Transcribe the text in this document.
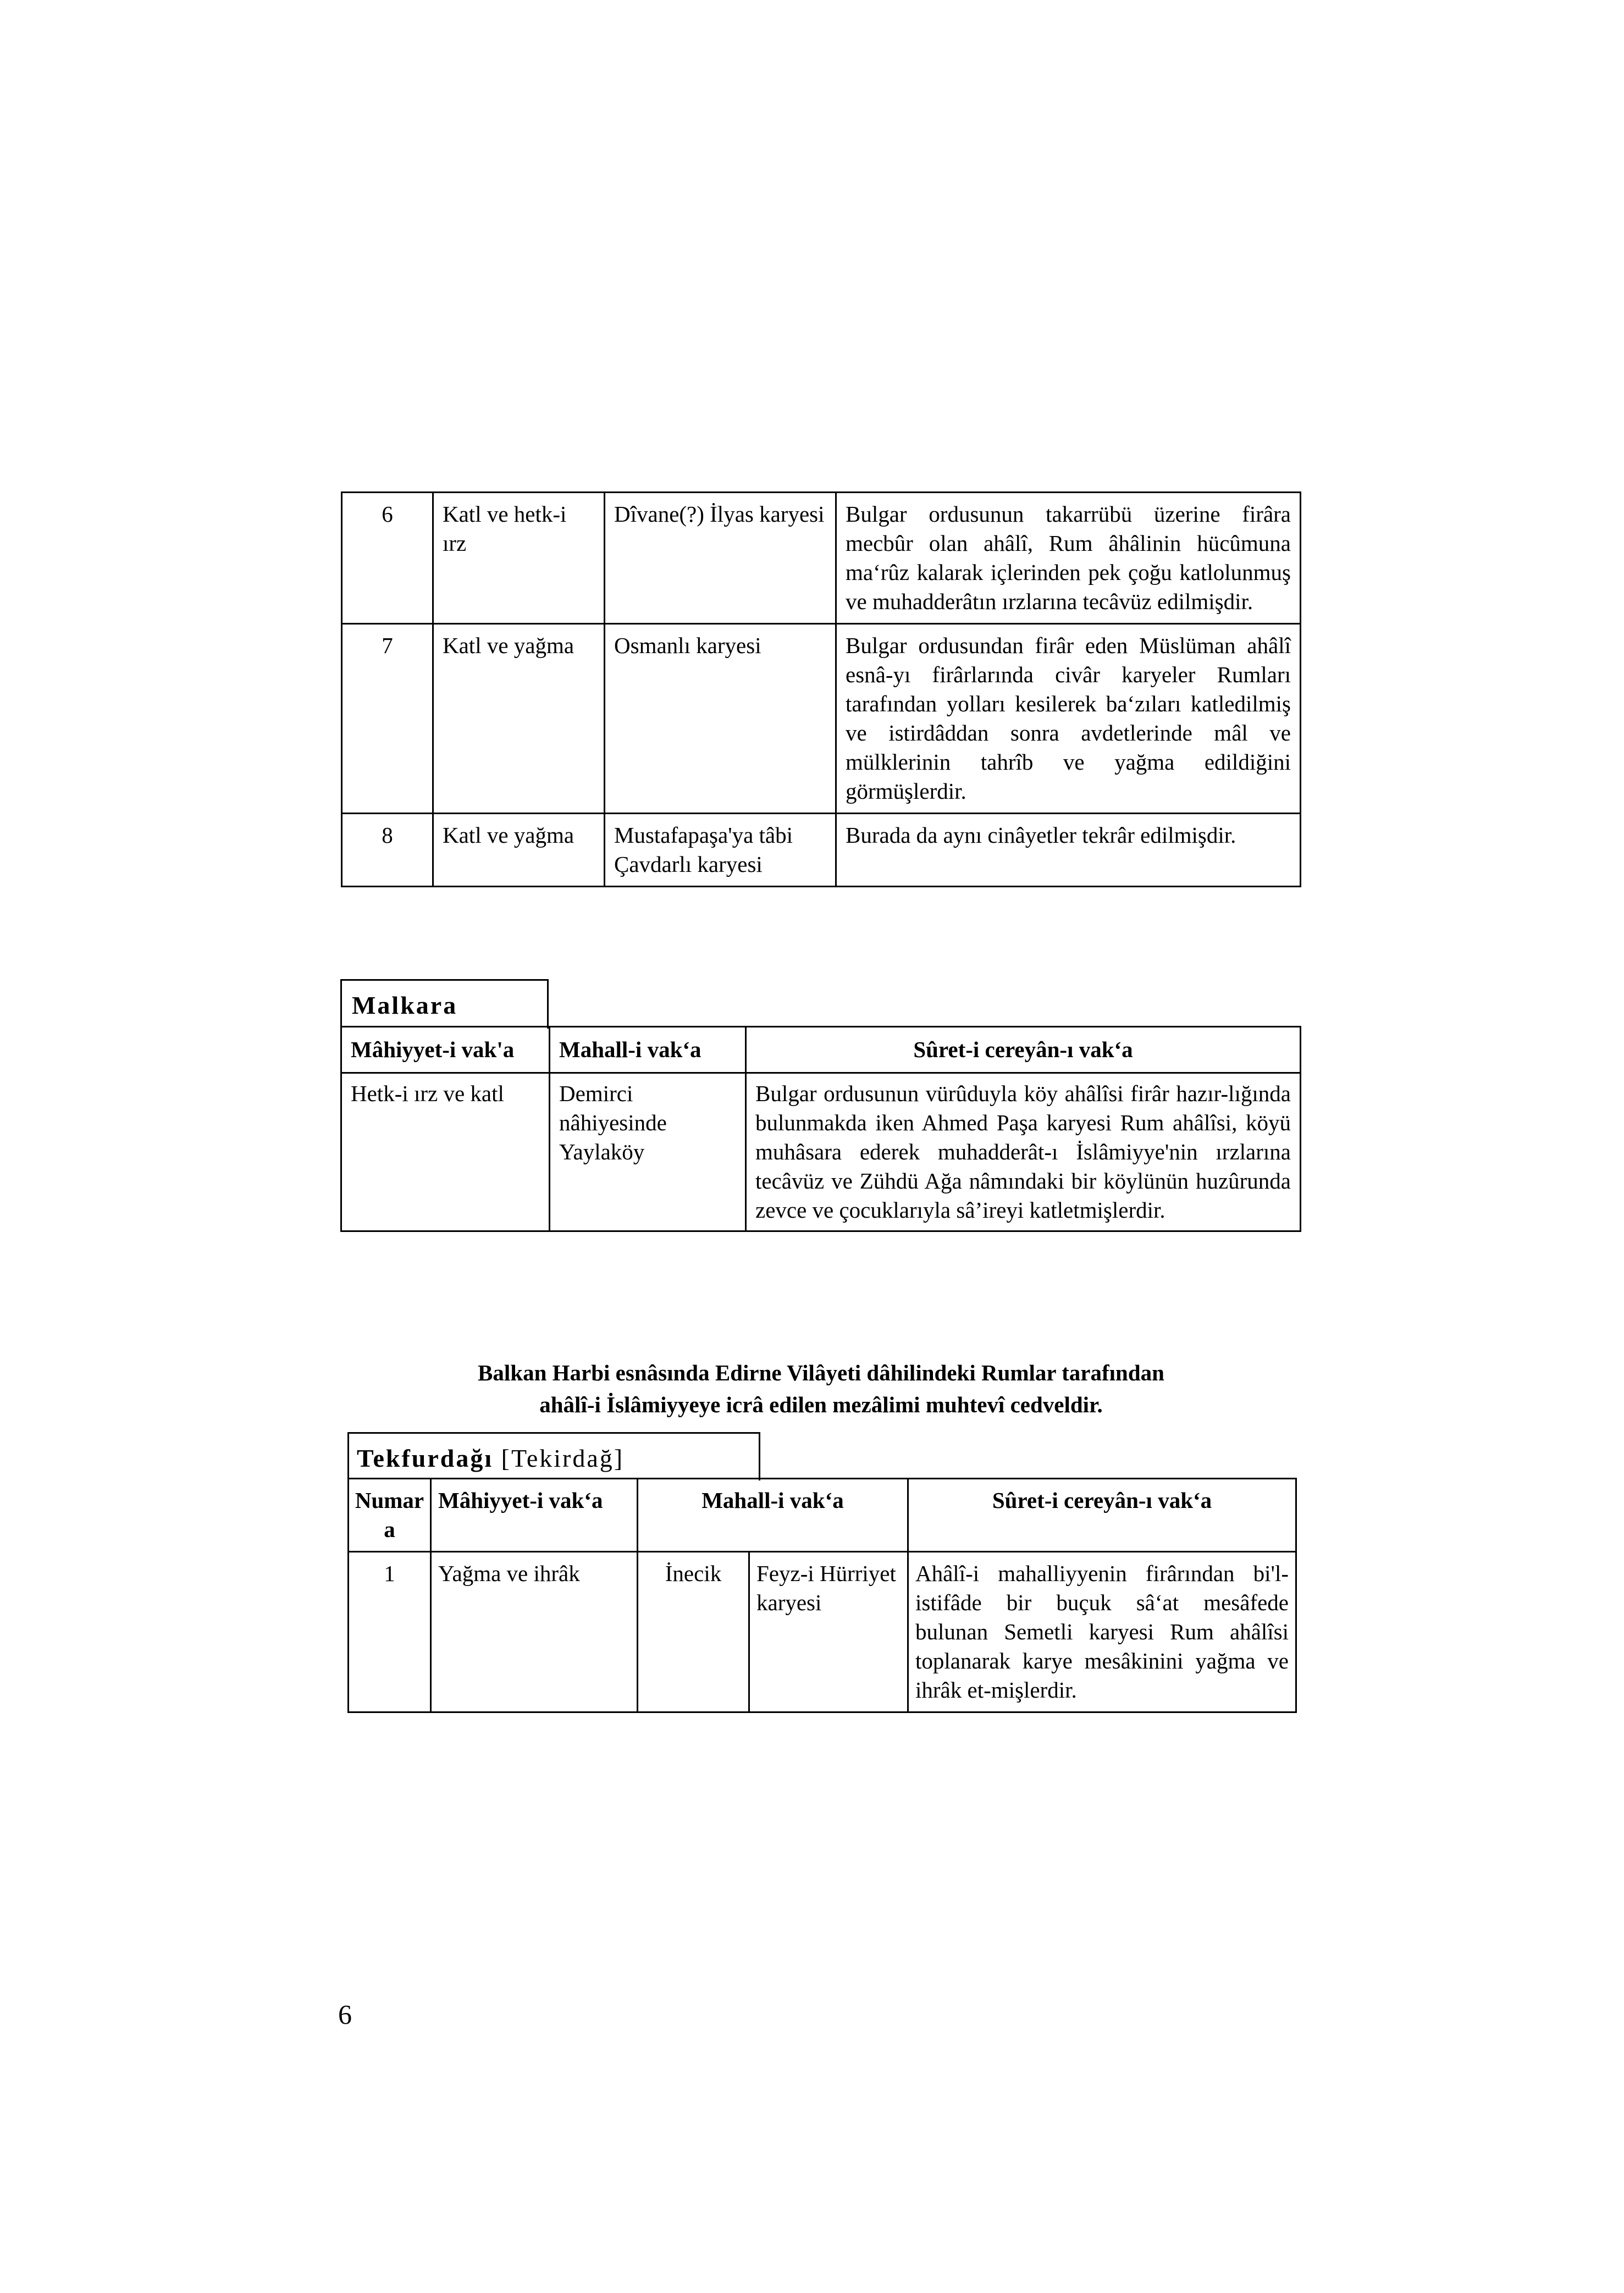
6	Katl ve hetk-i ırz	Dîvane(?) İlyas karyesi	Bulgar ordusunun takarrübü üzerine firâra mecbûr olan ahâlî, Rum âhâlinin hücûmuna ma‘rûz kalarak içlerinden pek çoğu katlolunmuş ve muhadderâtın ırzlarına tecâvüz edilmişdir.
7	Katl ve yağma	Osmanlı karyesi	Bulgar ordusundan firâr eden Müslüman ahâlî esnâ-yı firârlarında civâr karyeler Rumları tarafından yolları kesilerek ba‘zıları katledilmiş ve istirdâddan sonra avdetlerinde mâl ve mülklerinin tahrîb ve yağma edildiğini görmüşlerdir.
8	Katl ve yağma	Mustafapaşa'ya tâbi Çavdarlı karyesi	Burada da aynı cinâyetler tekrâr edilmişdir.
Malkara
Mâhiyyet-i vak'a	Mahall-i vak‘a	Sûret-i cereyân-ı vak‘a
Hetk-i ırz ve katl	Demirci nâhiyesinde Yaylaköy	Bulgar ordusunun vürûduyla köy ahâlîsi firâr hazır-lığında bulunmakda iken Ahmed Paşa karyesi Rum ahâlîsi, köyü muhâsara ederek muhadderât-ı İslâmiyye'nin ırzlarına tecâvüz ve Zühdü Ağa nâmındaki bir köylünün huzûrunda zevce ve çocuklarıyla sâ’ireyi katletmişlerdir.
Balkan Harbi esnâsında Edirne Vilâyeti dâhilindeki Rumlar tarafından
ahâlî-i İslâmiyyeye icrâ edilen mezâlimi muhtevî cedveldir.
Tekfurdağı [Tekirdağ]
Numar a	Mâhiyyet-i vak‘a	Mahall-i vak‘a		Sûret-i cereyân-ı vak‘a
1	Yağma ve ihrâk	İnecik	Feyz-i Hürriyet karyesi	Ahâlî-i mahalliyyenin firârından bi'l-istifâde bir buçuk sâ‘at mesâfede bulunan Semetli karyesi Rum ahâlîsi toplanarak karye mesâkinini yağma ve ihrâk et-mişlerdir.
6
